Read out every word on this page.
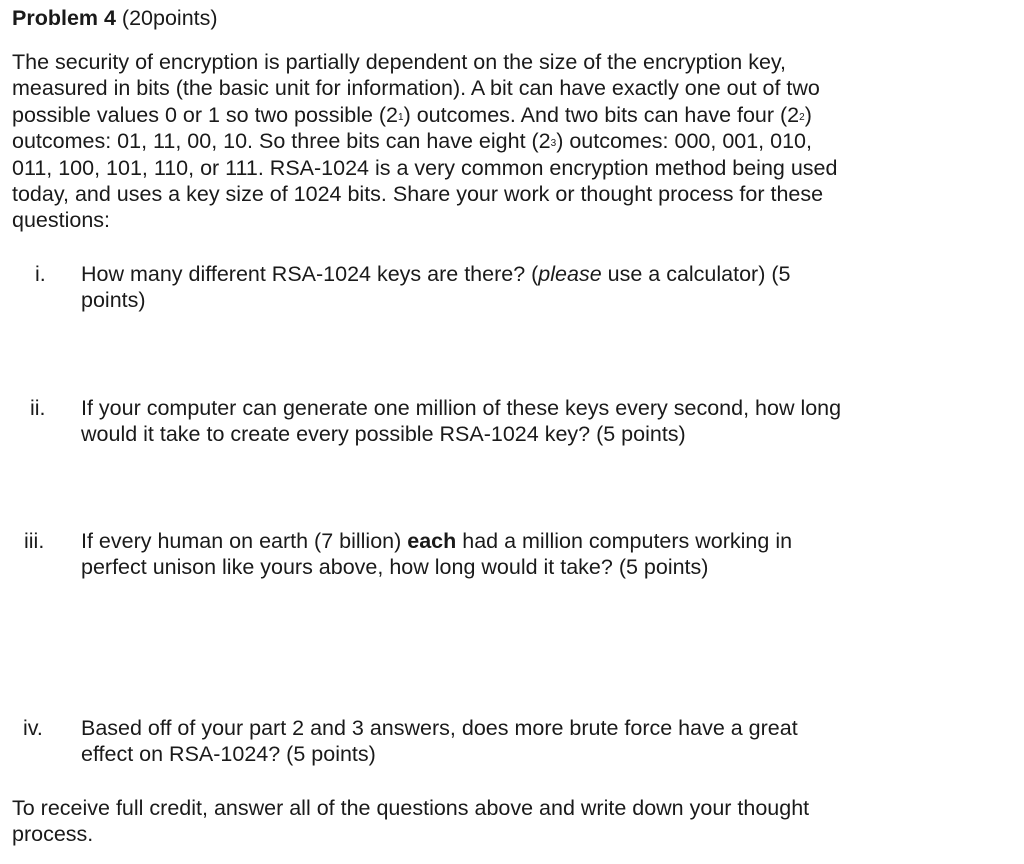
Problem 4 (20points)
The security of encryption is partially dependent on the size of the encryption key,
measured in bits (the basic unit for information). A bit can have exactly one out of two
possible values 0 or 1 so two possible $(2^1)$ outcomes. And two bits can have four $(2^2)$
outcomes: 01, 11, 00, 10. So three bits can have eight $(2^3)$ outcomes: 000, 001, 010,
011, 100, 101, 110, or 111. RSA-1024 is a very common encryption method being used
today, and uses a key size of 1024 bits. Share your work or thought process for these
questions:
i. How many different RSA-1024 keys are there? (please use a calculator) (5
points)
ii. If your computer can generate one million of these keys every second, how long
would it take to create every possible RSA-1024 key? (5 points)
iii. If every human on earth (7 billion) each had a million computers working in
perfect unison like yours above, how long would it take? (5 points)
iv. Based off of your part 2 and 3 answers, does more brute force have a great
effect on RSA-1024? (5 points)
To receive full credit, answer all of the questions above and write down your thought
process.
